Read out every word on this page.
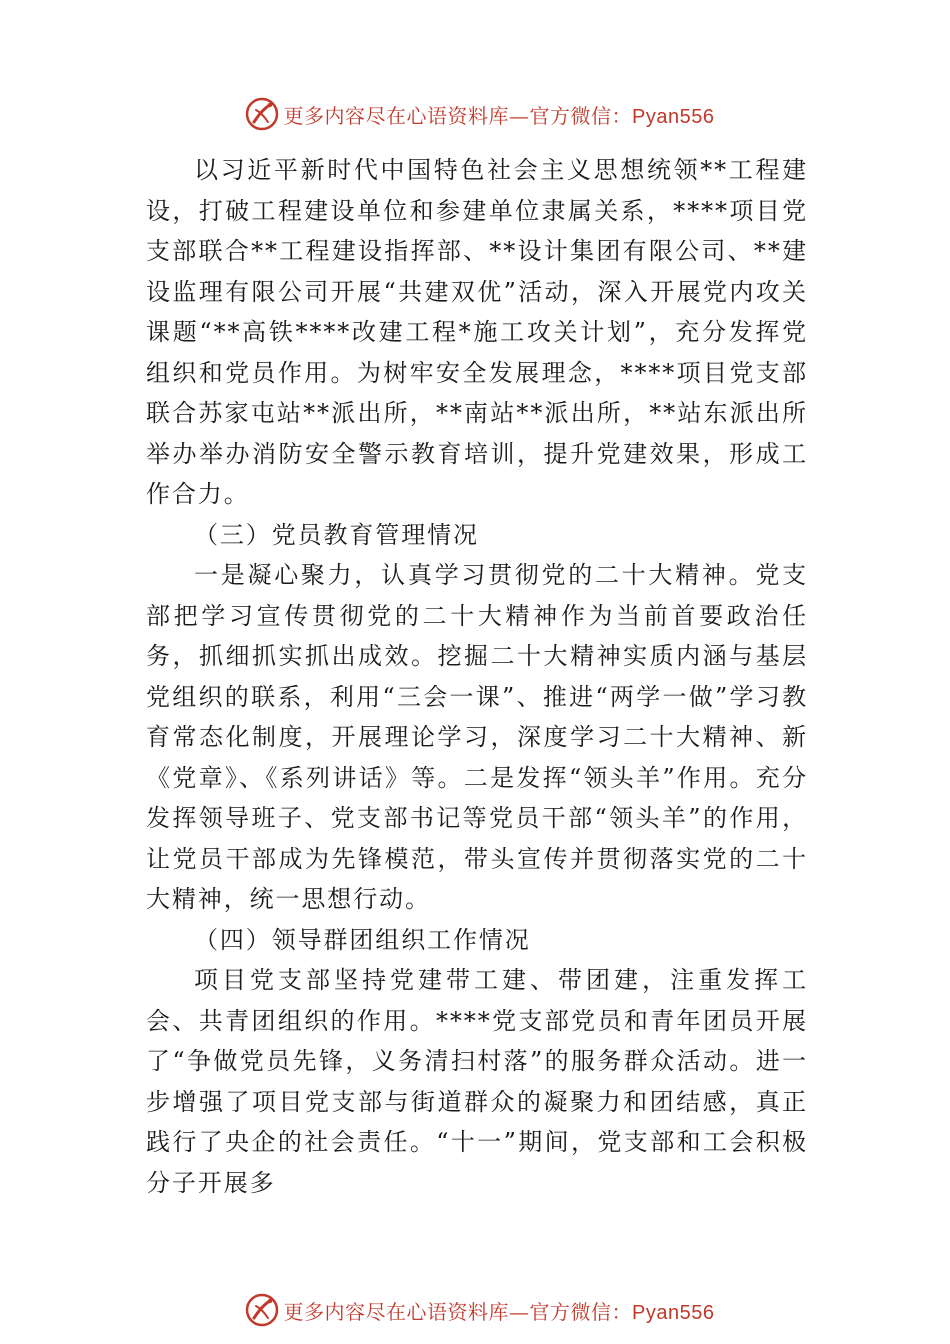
更多内容尽在心语资料库—官方微信：Pyan556

以习近平新时代中国特色社会主义思想统领**工程建设，打破工程建设单位和参建单位隶属关系，****项目党支部联合**工程建设指挥部、**设计集团有限公司、**建设监理有限公司开展“共建双优”活动，深入开展党内攻关课题“**高铁****改建工程*施工攻关计划”，充分发挥党组织和党员作用。为树牢安全发展理念，****项目党支部联合苏家屯站**派出所，**南站**派出所，**站东派出所举办举办消防安全警示教育培训，提升党建效果，形成工作合力。

（三）党员教育管理情况

一是凝心聚力，认真学习贯彻党的二十大精神。党支部把学习宣传贯彻党的二十大精神作为当前首要政治任务，抓细抓实抓出成效。挖掘二十大精神实质内涵与基层党组织的联系，利用“三会一课”、推进“两学一做”学习教育常态化制度，开展理论学习，深度学习二十大精神、新《党章》、《系列讲话》等。二是发挥“领头羊”作用。充分发挥领导班子、党支部书记等党员干部“领头羊”的作用，让党员干部成为先锋模范，带头宣传并贯彻落实党的二十大精神，统一思想行动。

（四）领导群团组织工作情况

项目党支部坚持党建带工建、带团建，注重发挥工会、共青团组织的作用。****党支部党员和青年团员开展了“争做党员先锋，义务清扫村落”的服务群众活动。进一步增强了项目党支部与街道群众的凝聚力和团结感，真正践行了央企的社会责任。“十一”期间，党支部和工会积极分子开展多

更多内容尽在心语资料库—官方微信：Pyan556
